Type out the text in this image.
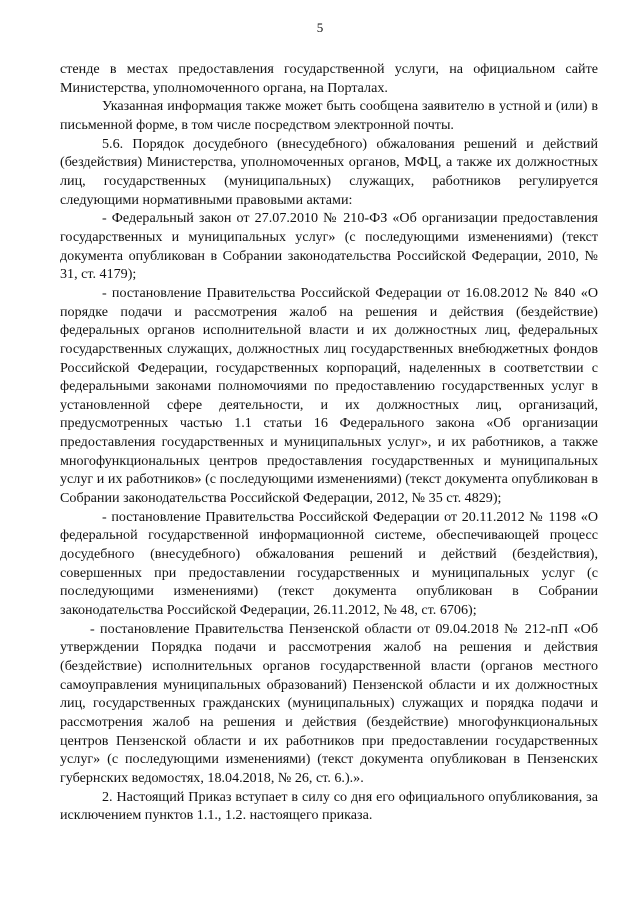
5

стенде в местах предоставления государственной услуги, на официальном сайте Министерства, уполномоченного органа, на Порталах.

Указанная информация также может быть сообщена заявителю в устной и (или) в письменной форме, в том числе посредством электронной почты.

5.6. Порядок досудебного (внесудебного) обжалования решений и действий (бездействия) Министерства, уполномоченных органов, МФЦ, а также их должностных лиц, государственных (муниципальных) служащих, работников регулируется следующими нормативными правовыми актами:

- Федеральный закон от 27.07.2010 № 210-ФЗ «Об организации предоставления государственных и муниципальных услуг» (с последующими изменениями) (текст документа опубликован в Собрании законодательства Российской Федерации, 2010, № 31, ст. 4179);

- постановление Правительства Российской Федерации от 16.08.2012 № 840 «О порядке подачи и рассмотрения жалоб на решения и действия (бездействие) федеральных органов исполнительной власти и их должностных лиц, федеральных государственных служащих, должностных лиц государственных внебюджетных фондов Российской Федерации, государственных корпораций, наделенных в соответствии с федеральными законами полномочиями по предоставлению государственных услуг в установленной сфере деятельности, и их должностных лиц, организаций, предусмотренных частью 1.1 статьи 16 Федерального закона «Об организации предоставления государственных и муниципальных услуг», и их работников, а также многофункциональных центров предоставления государственных и муниципальных услуг и их работников» (с последующими изменениями) (текст документа опубликован в Собрании законодательства Российской Федерации, 2012, № 35 ст. 4829);

- постановление Правительства Российской Федерации от 20.11.2012 № 1198 «О федеральной государственной информационной системе, обеспечивающей процесс досудебного (внесудебного) обжалования решений и действий (бездействия), совершенных при предоставлении государственных и муниципальных услуг (с последующими изменениями) (текст документа опубликован в Собрании законодательства Российской Федерации, 26.11.2012, № 48, ст. 6706);

- постановление Правительства Пензенской области от 09.04.2018 № 212-пП «Об утверждении Порядка подачи и рассмотрения жалоб на решения и действия (бездействие) исполнительных органов государственной власти (органов местного самоуправления муниципальных образований) Пензенской области и их должностных лиц, государственных гражданских (муниципальных) служащих и порядка подачи и рассмотрения жалоб на решения и действия (бездействие) многофункциональных центров Пензенской области и их работников при предоставлении государственных услуг» (с последующими изменениями) (текст документа опубликован в Пензенских губернских ведомостях, 18.04.2018, № 26, ст. 6.).».

2. Настоящий Приказ вступает в силу со дня его официального опубликования, за исключением пунктов 1.1., 1.2. настоящего приказа.
